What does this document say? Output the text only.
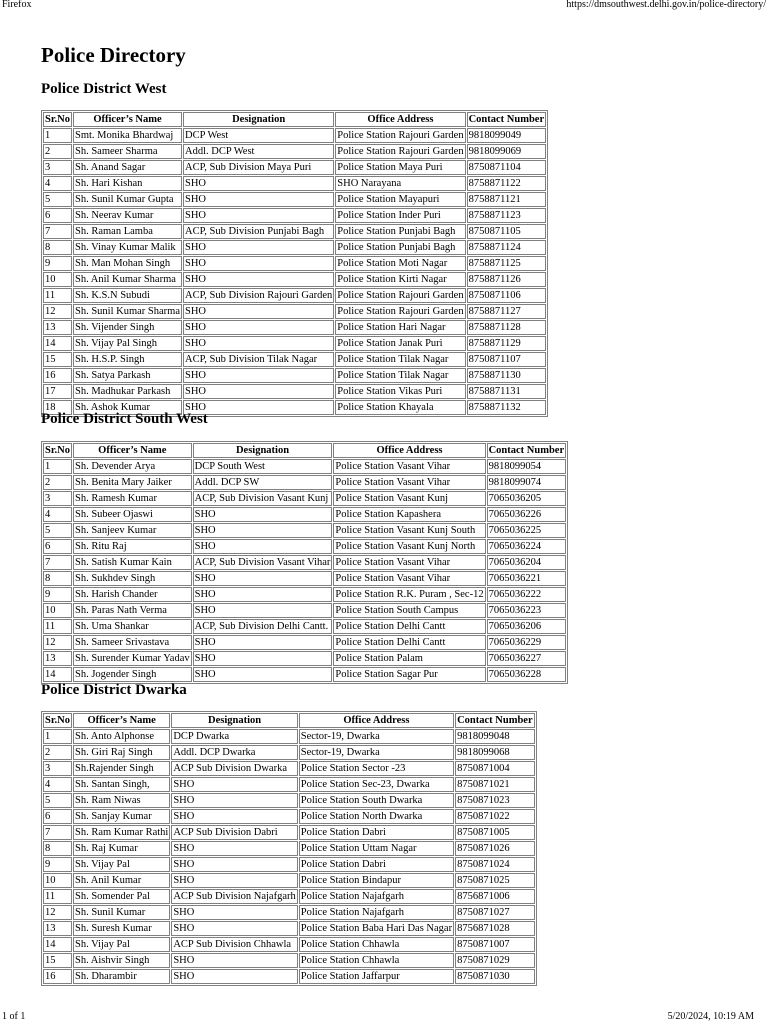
Firefox	https://dmsouthwest.delhi.gov.in/police-directory/
Police Directory
Police District West
Sr.No	Officer’s Name	Designation	Office Address	Contact Number
1	Smt. Monika Bhardwaj	DCP West	Police Station Rajouri Garden	9818099049
2	Sh. Sameer Sharma	Addl. DCP West	Police Station Rajouri Garden	9818099069
3	Sh. Anand Sagar	ACP, Sub Division Maya Puri	Police Station Maya Puri	8750871104
4	Sh. Hari Kishan	SHO	SHO Narayana	8758871122
5	Sh. Sunil Kumar Gupta	SHO	Police Station Mayapuri	8758871121
6	Sh. Neerav Kumar	SHO	Police Station Inder Puri	8758871123
7	Sh. Raman Lamba	ACP, Sub Division Punjabi Bagh	Police Station Punjabi Bagh	8750871105
8	Sh. Vinay Kumar Malik	SHO	Police Station Punjabi Bagh	8758871124
9	Sh. Man Mohan Singh	SHO	Police Station Moti Nagar	8758871125
10	Sh. Anil Kumar Sharma	SHO	Police Station Kirti Nagar	8758871126
11	Sh. K.S.N Subudi	ACP, Sub Division Rajouri Garden	Police Station Rajouri Garden	8750871106
12	Sh. Sunil Kumar Sharma	SHO	Police Station Rajouri Garden	8758871127
13	Sh. Vijender Singh	SHO	Police Station Hari Nagar	8758871128
14	Sh. Vijay Pal Singh	SHO	Police Station Janak Puri	8758871129
15	Sh. H.S.P. Singh	ACP, Sub Division Tilak Nagar	Police Station Tilak Nagar	8750871107
16	Sh. Satya Parkash	SHO	Police Station Tilak Nagar	8758871130
17	Sh. Madhukar Parkash	SHO	Police Station Vikas Puri	8758871131
18	Sh. Ashok Kumar	SHO	Police Station Khayala	8758871132
Police District South West
Sr.No	Officer’s Name	Designation	Office Address	Contact Number
1	Sh. Devender Arya	DCP South West	Police Station Vasant Vihar	9818099054
2	Sh. Benita Mary Jaiker	Addl. DCP SW	Police Station Vasant Vihar	9818099074
3	Sh. Ramesh Kumar	ACP, Sub Division Vasant Kunj	Police Station Vasant Kunj	7065036205
4	Sh. Subeer Ojaswi	SHO	Police Station Kapashera	7065036226
5	Sh. Sanjeev Kumar	SHO	Police Station Vasant Kunj South	7065036225
6	Sh. Ritu Raj	SHO	Police Station Vasant Kunj North	7065036224
7	Sh. Satish Kumar Kain	ACP, Sub Division Vasant Vihar	Police Station Vasant Vihar	7065036204
8	Sh. Sukhdev Singh	SHO	Police Station Vasant Vihar	7065036221
9	Sh. Harish Chander	SHO	Police Station R.K. Puram , Sec-12	7065036222
10	Sh. Paras Nath Verma	SHO	Police Station South Campus	7065036223
11	Sh. Uma Shankar	ACP, Sub Division Delhi Cantt.	Police Station Delhi Cantt	7065036206
12	Sh. Sameer Srivastava	SHO	Police Station Delhi Cantt	7065036229
13	Sh. Surender Kumar Yadav	SHO	Police Station Palam	7065036227
14	Sh. Jogender Singh	SHO	Police Station Sagar Pur	7065036228
Police District Dwarka
Sr.No	Officer’s Name	Designation	Office Address	Contact Number
1	Sh. Anto Alphonse	DCP Dwarka	Sector-19, Dwarka	9818099048
2	Sh. Giri Raj Singh	Addl. DCP Dwarka	Sector-19, Dwarka	9818099068
3	Sh.Rajender Singh	ACP Sub Division Dwarka	Police Station Sector -23	8750871004
4	Sh. Santan Singh,	SHO	Police Station Sec-23, Dwarka	8750871021
5	Sh. Ram Niwas	SHO	Police Station South Dwarka	8750871023
6	Sh. Sanjay Kumar	SHO	Police Station North Dwarka	8750871022
7	Sh. Ram Kumar Rathi	ACP Sub Division Dabri	Police Station Dabri	8750871005
8	Sh. Raj Kumar	SHO	Police Station Uttam Nagar	8750871026
9	Sh. Vijay Pal	SHO	Police Station Dabri	8750871024
10	Sh. Anil Kumar	SHO	Police Station Bindapur	8750871025
11	Sh. Somender Pal	ACP Sub Division Najafgarh	Police Station Najafgarh	8756871006
12	Sh. Sunil Kumar	SHO	Police Station Najafgarh	8750871027
13	Sh. Suresh Kumar	SHO	Police Station Baba Hari Das Nagar	8756871028
14	Sh. Vijay Pal	ACP Sub Division Chhawla	Police Station Chhawla	8750871007
15	Sh. Aishvir Singh	SHO	Police Station Chhawla	8750871029
16	Sh. Dharambir	SHO	Police Station Jaffarpur	8750871030
1 of 1	5/20/2024, 10:19 AM
